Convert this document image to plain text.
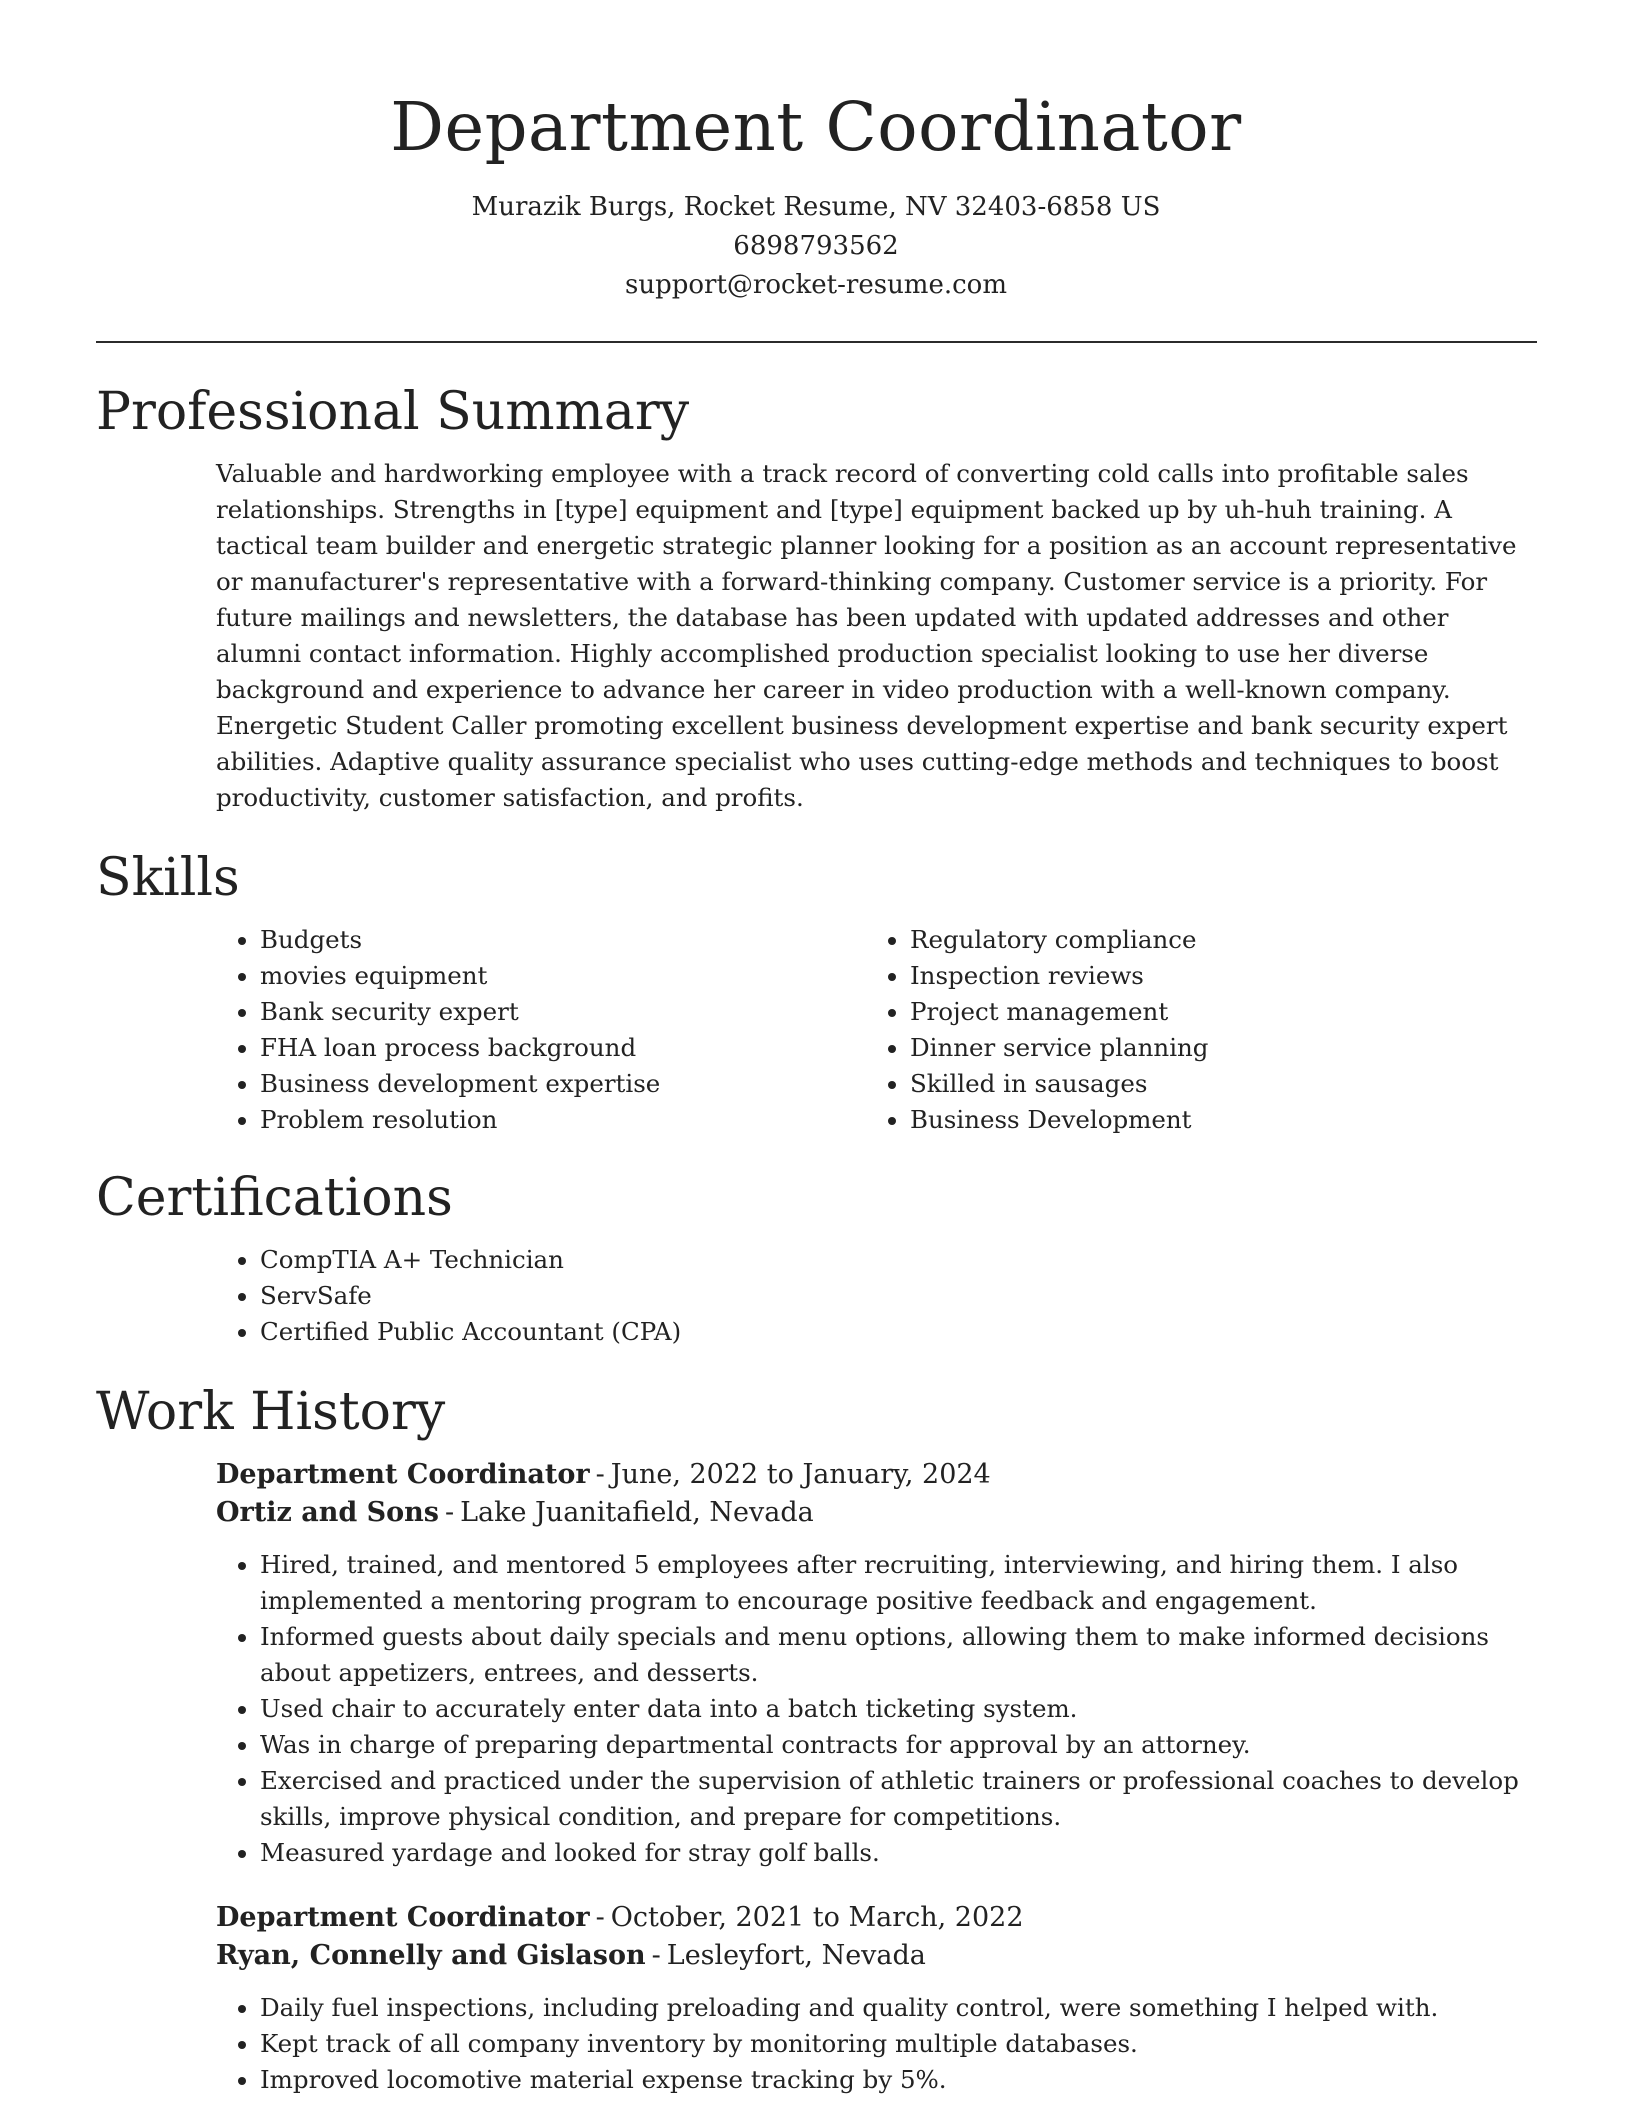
Department Coordinator
Murazik Burgs, Rocket Resume, NV 32403-6858 US
6898793562
support@rocket-resume.com
Professional Summary

Valuable and hardworking employee with a track record of converting cold calls into profitable sales relationships. Strengths in [type] equipment and [type] equipment backed up by uh-huh training. A tactical team builder and energetic strategic planner looking for a position as an account representative or manufacturer's representative with a forward-thinking company. Customer service is a priority. For future mailings and newsletters, the database has been updated with updated addresses and other alumni contact information. Highly accomplished production specialist looking to use her diverse background and experience to advance her career in video production with a well-known company. Energetic Student Caller promoting excellent business development expertise and bank security expert abilities. Adaptive quality assurance specialist who uses cutting-edge methods and techniques to boost productivity, customer satisfaction, and profits.

Skills
• Budgets
• movies equipment
• Bank security expert
• FHA loan process background
• Business development expertise
• Problem resolution
• Regulatory compliance
• Inspection reviews
• Project management
• Dinner service planning
• Skilled in sausages
• Business Development
Certifications
• CompTIA A+ Technician
• ServSafe
• Certified Public Accountant (CPA)
Work History
Department Coordinator - June, 2022 to January, 2024
Ortiz and Sons - Lake Juanitafield, Nevada
• Hired, trained, and mentored 5 employees after recruiting, interviewing, and hiring them. I also implemented a mentoring program to encourage positive feedback and engagement.
• Informed guests about daily specials and menu options, allowing them to make informed decisions about appetizers, entrees, and desserts.
• Used chair to accurately enter data into a batch ticketing system.
• Was in charge of preparing departmental contracts for approval by an attorney.
• Exercised and practiced under the supervision of athletic trainers or professional coaches to develop skills, improve physical condition, and prepare for competitions.
• Measured yardage and looked for stray golf balls.
Department Coordinator - October, 2021 to March, 2022
Ryan, Connelly and Gislason - Lesleyfort, Nevada
• Daily fuel inspections, including preloading and quality control, were something I helped with.
• Kept track of all company inventory by monitoring multiple databases.
• Improved locomotive material expense tracking by 5%.
